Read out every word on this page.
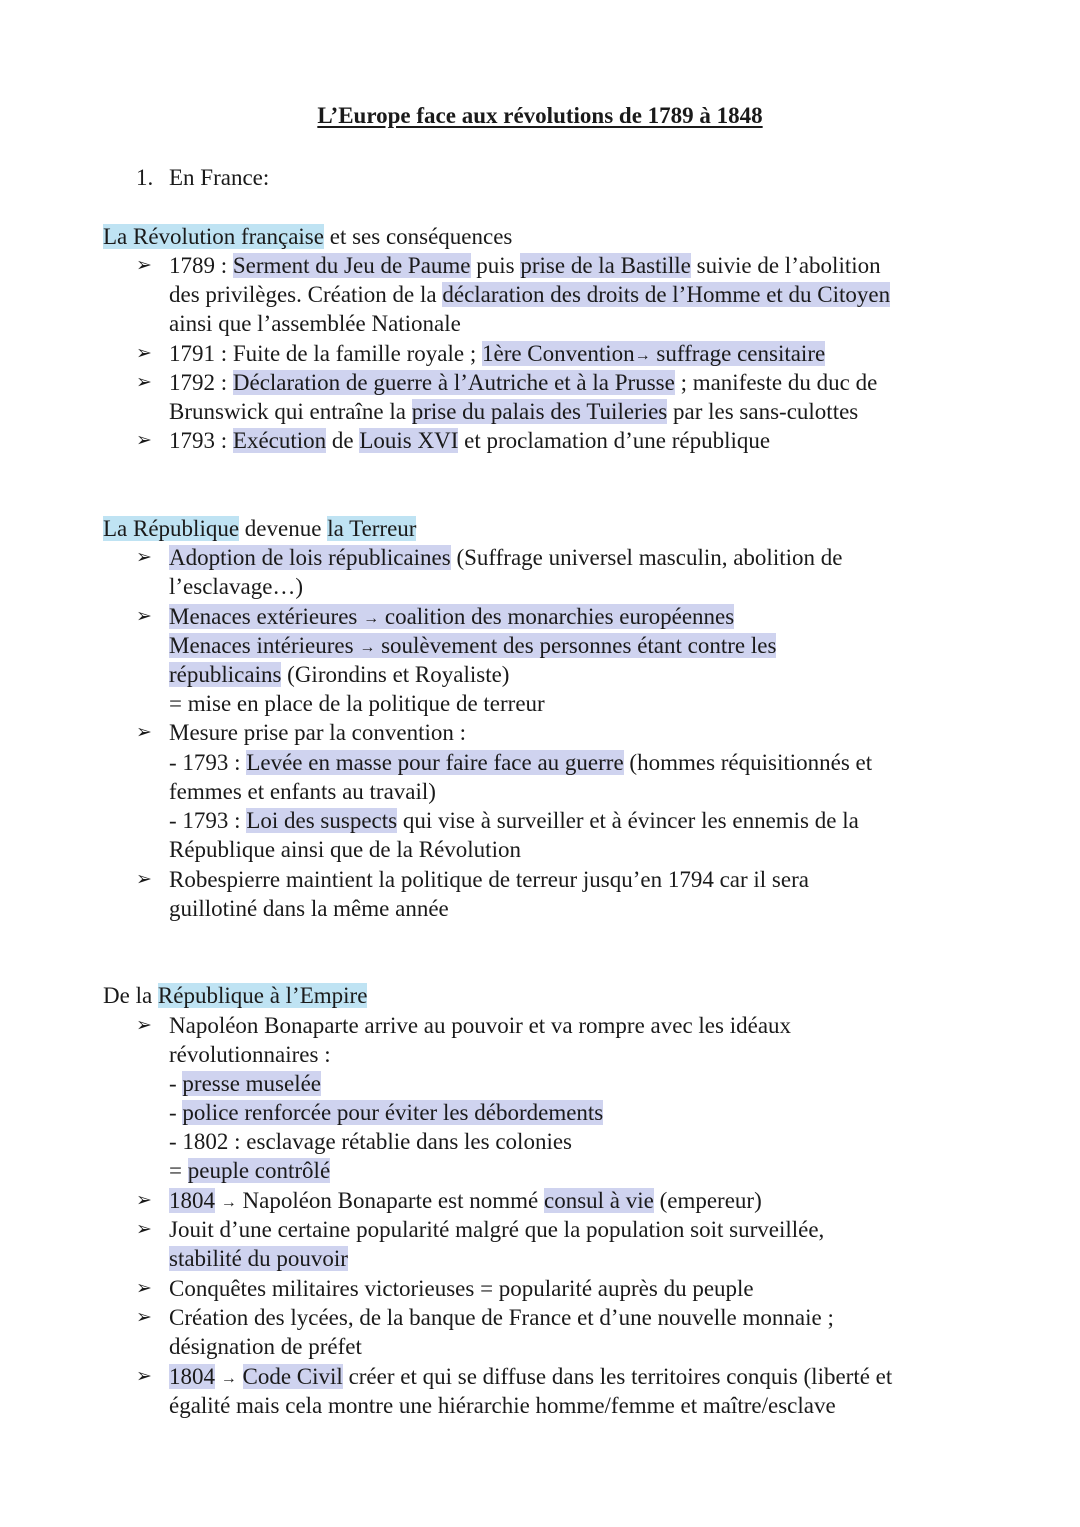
L’Europe face aux révolutions de 1789 à 1848
1. En France:

La Révolution française et ses conséquences

➢ 1789 : Serment du Jeu de Paume puis prise de la Bastille suivie de l’abolition

des privilèges. Création de la déclaration des droits de l’Homme et du Citoyen

ainsi que l’assemblée Nationale

➢ 1791 : Fuite de la famille royale ; 1ère Convention→ suffrage censitaire

➢ 1792 : Déclaration de guerre à l’Autriche et à la Prusse ; manifeste du duc de

Brunswick qui entraîne la prise du palais des Tuileries par les sans-culottes

➢ 1793 : Exécution de Louis XVI et proclamation d’une république

La République devenue la Terreur

➢ Adoption de lois républicaines (Suffrage universel masculin, abolition de

l’esclavage…)

➢ Menaces extérieures → coalition des monarchies européennes

Menaces intérieures → soulèvement des personnes étant contre les

républicains (Girondins et Royaliste)

= mise en place de la politique de terreur

➢ Mesure prise par la convention :

- 1793 : Levée en masse pour faire face au guerre (hommes réquisitionnés et

femmes et enfants au travail)

- 1793 : Loi des suspects qui vise à surveiller et à évincer les ennemis de la

République ainsi que de la Révolution

➢ Robespierre maintient la politique de terreur jusqu’en 1794 car il sera

guillotiné dans la même année

De la République à l’Empire

➢ Napoléon Bonaparte arrive au pouvoir et va rompre avec les idéaux

révolutionnaires :

- presse muselée

- police renforcée pour éviter les débordements

- 1802 : esclavage rétablie dans les colonies

= peuple contrôlé

➢ 1804 → Napoléon Bonaparte est nommé consul à vie (empereur)

➢ Jouit d’une certaine popularité malgré que la population soit surveillée,

stabilité du pouvoir

➢ Conquêtes militaires victorieuses = popularité auprès du peuple

➢ Création des lycées, de la banque de France et d’une nouvelle monnaie ;

désignation de préfet

➢ 1804 → Code Civil créer et qui se diffuse dans les territoires conquis (liberté et

égalité mais cela montre une hiérarchie homme/femme et maître/esclave
